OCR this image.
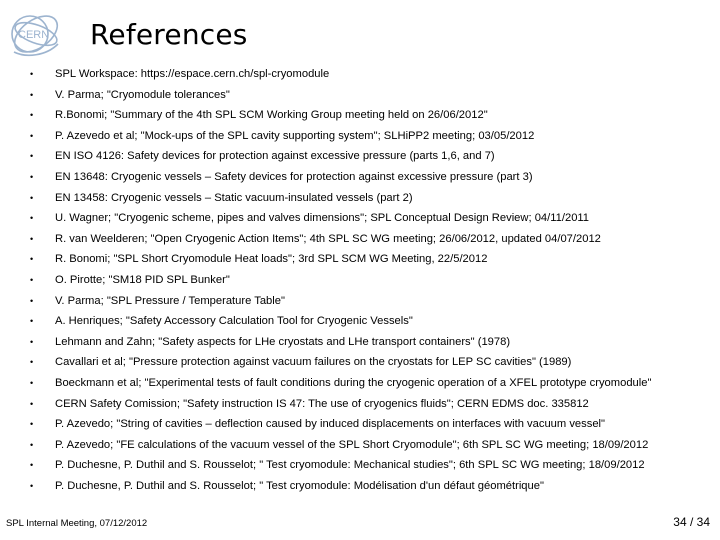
CERN References
• SPL Workspace: https://espace.cern.ch/spl-cryomodule
• V. Parma; "Cryomodule tolerances"
• R.Bonomi; "Summary of the 4th SPL SCM Working Group meeting held on 26/06/2012"
• P. Azevedo et al; "Mock-ups of the SPL cavity supporting system"; SLHiPP2 meeting; 03/05/2012
• EN ISO 4126: Safety devices for protection against excessive pressure (parts 1,6, and 7)
• EN 13648: Cryogenic vessels – Safety devices for protection against excessive pressure (part 3)
• EN 13458: Cryogenic vessels – Static vacuum-insulated vessels (part 2)
• U. Wagner; "Cryogenic scheme, pipes and valves dimensions"; SPL Conceptual Design Review; 04/11/2011
• R. van Weelderen; "Open Cryogenic Action Items"; 4th SPL SC WG meeting; 26/06/2012, updated 04/07/2012
• R. Bonomi; "SPL Short Cryomodule Heat loads"; 3rd SPL SCM WG Meeting, 22/5/2012
• O. Pirotte; "SM18 PID SPL Bunker"
• V. Parma; "SPL Pressure / Temperature Table"
• A. Henriques; "Safety Accessory Calculation Tool for Cryogenic Vessels"
• Lehmann and Zahn; "Safety aspects for LHe cryostats and LHe transport containers" (1978)
• Cavallari et al; "Pressure protection against vacuum failures on the cryostats for LEP SC cavities" (1989)
• Boeckmann et al; "Experimental tests of fault conditions during the cryogenic operation of a XFEL prototype cryomodule"
• CERN Safety Comission; "Safety instruction IS 47: The use of cryogenics fluids"; CERN EDMS doc. 335812
• P. Azevedo; "String of cavities – deflection caused by induced displacements on interfaces with vacuum vessel"
• P. Azevedo; "FE calculations of the vacuum vessel of the SPL Short Cryomodule"; 6th SPL SC WG meeting; 18/09/2012
• P. Duchesne, P. Duthil and S. Rousselot; " Test cryomodule: Mechanical studies"; 6th SPL SC WG meeting; 18/09/2012
• P. Duchesne, P. Duthil and S. Rousselot; " Test cryomodule: Modélisation d'un défaut géométrique"
SPL Internal Meeting, 07/12/2012	34 / 34
